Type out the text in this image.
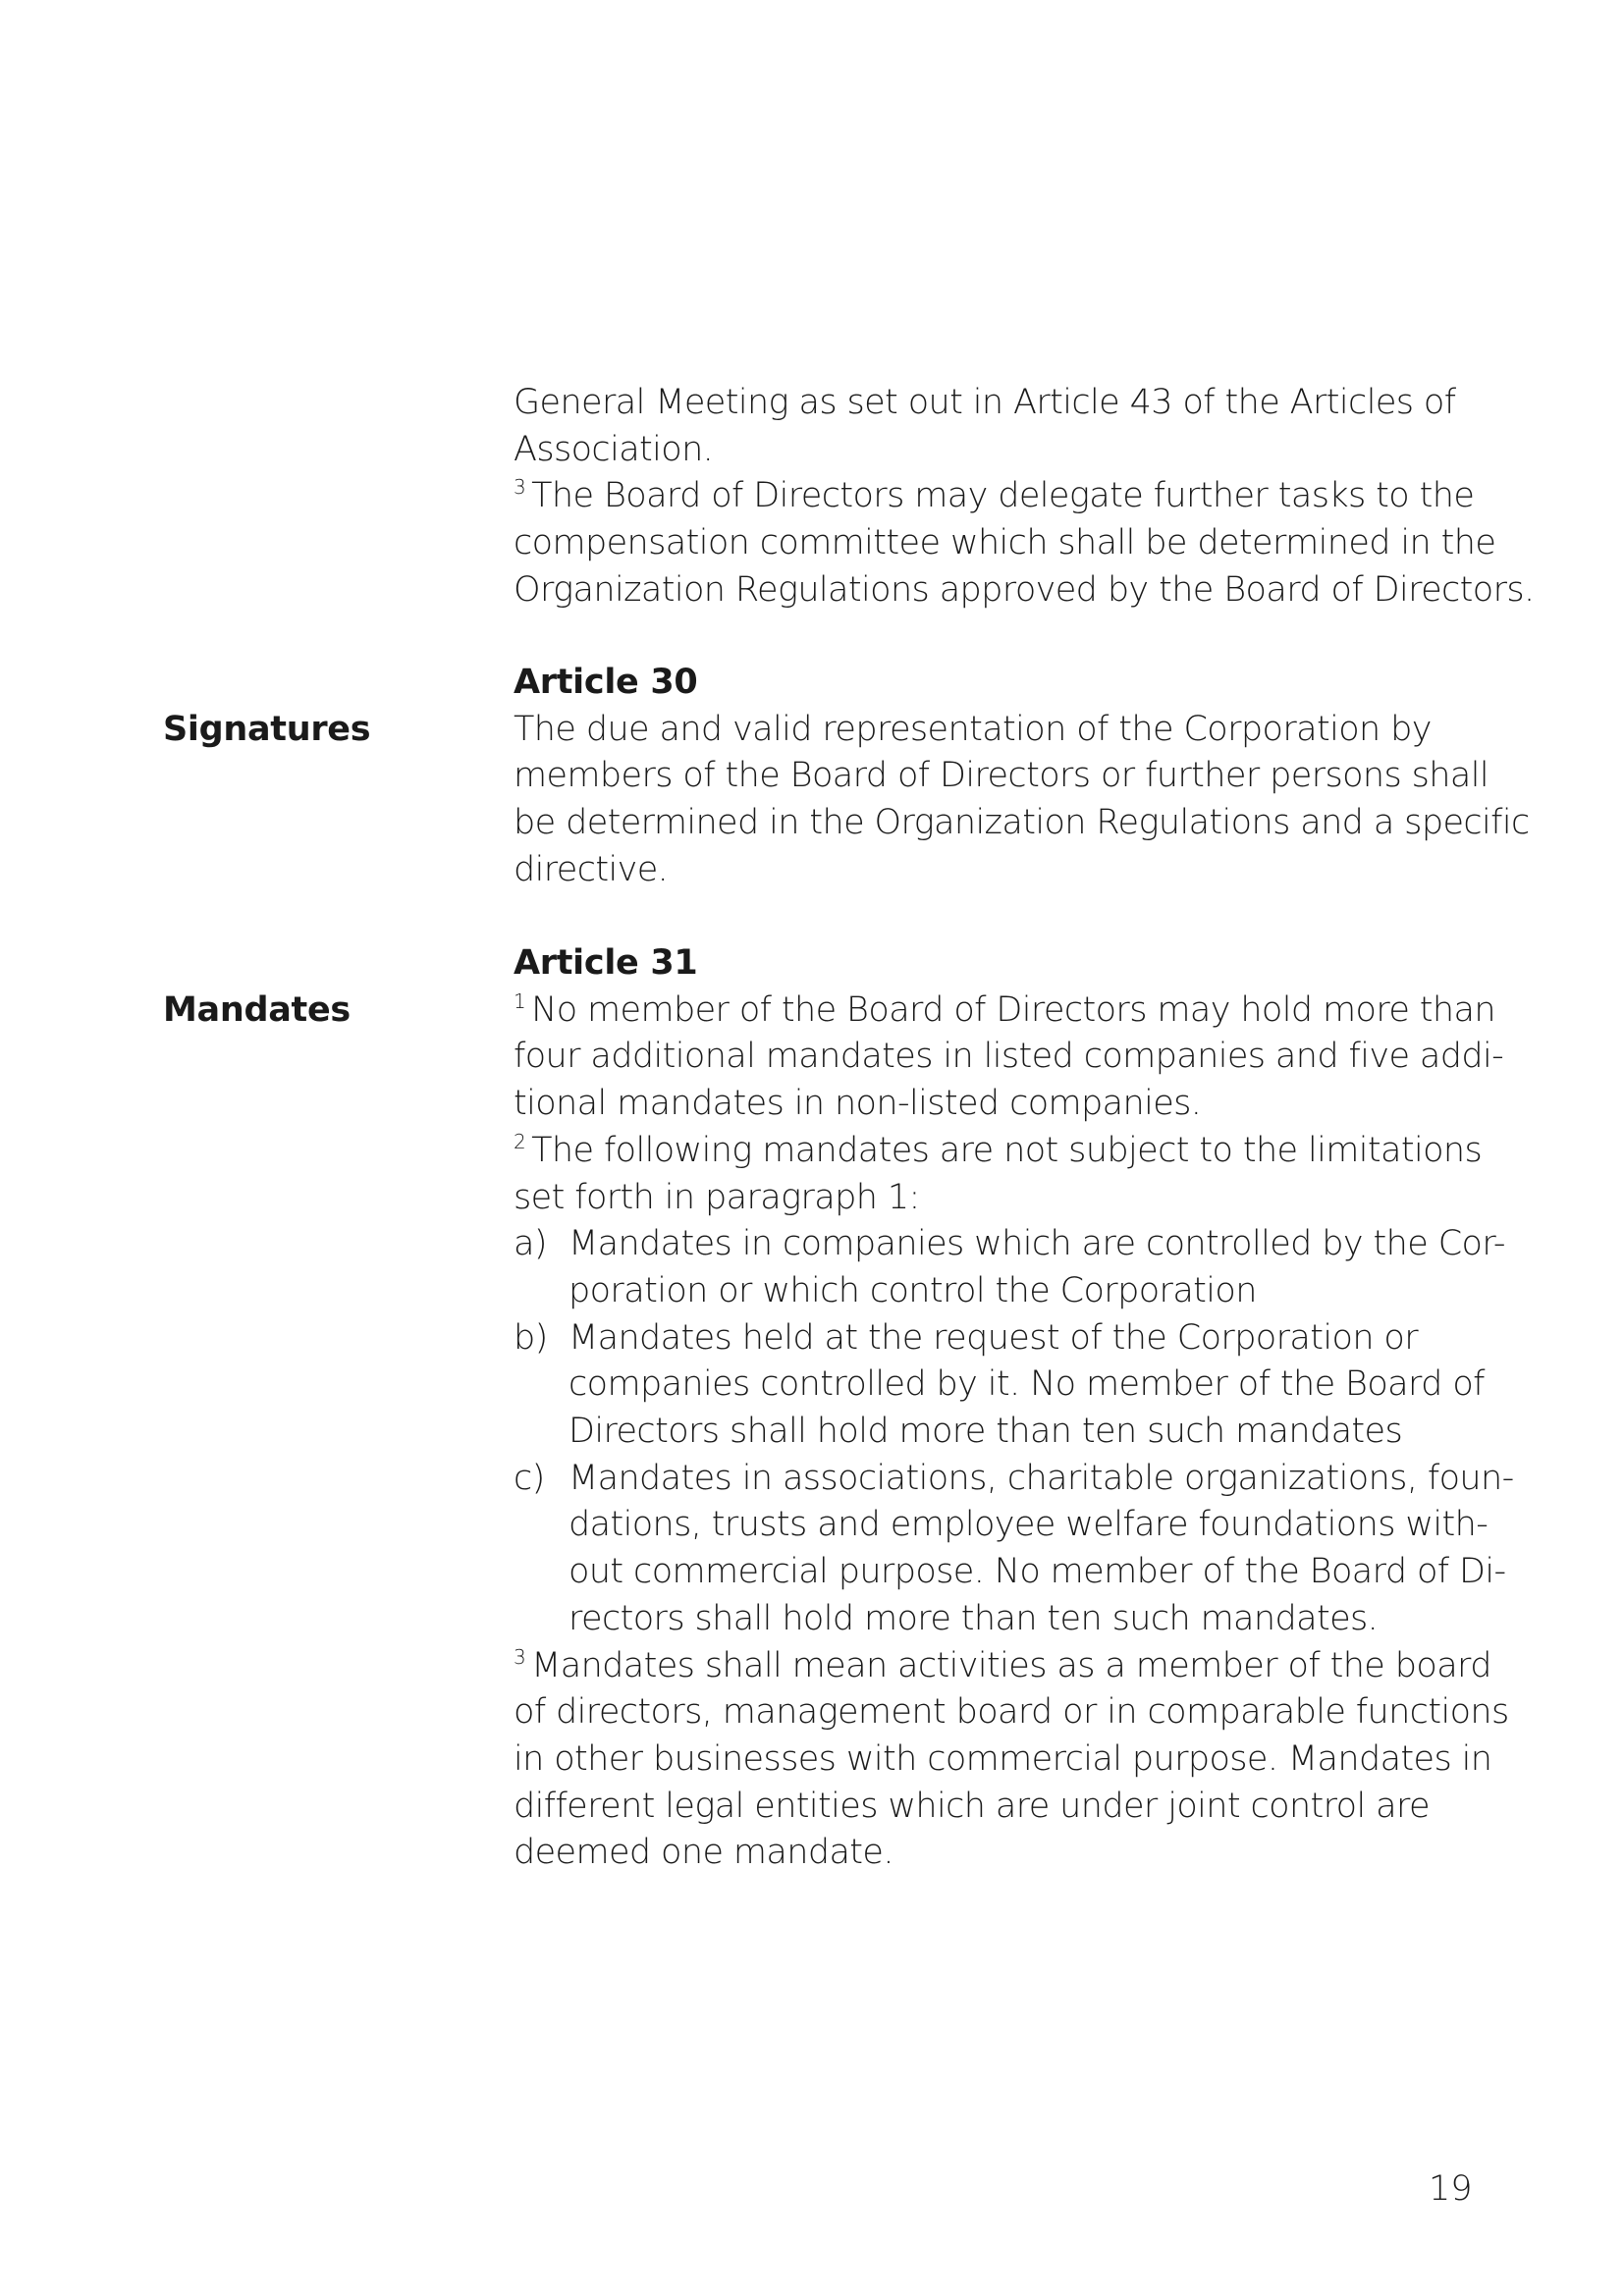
General Meeting as set out in Article 43 of the Articles of
Association.
$^3$ The Board of Directors may delegate further tasks to the
compensation committee which shall be determined in the
Organization Regulations approved by the Board of Directors.
Signatures
Article 30
The due and valid representation of the Corporation by
members of the Board of Directors or further persons shall
be determined in the Organization Regulations and a specific
directive.
Mandates
Article 31
$^1$ No member of the Board of Directors may hold more than
four additional mandates in listed companies and five addi-
tional mandates in non-listed companies.
$^2$ The following mandates are not subject to the limitations
set forth in paragraph 1:
a) Mandates in companies which are controlled by the Cor-
poration or which control the Corporation
b) Mandates held at the request of the Corporation or
companies controlled by it. No member of the Board of
Directors shall hold more than ten such mandates
c) Mandates in associations, charitable organizations, foun-
dations, trusts and employee welfare foundations with-
out commercial purpose. No member of the Board of Di-
rectors shall hold more than ten such mandates.
$^3$ Mandates shall mean activities as a member of the board
of directors, management board or in comparable functions
in other businesses with commercial purpose. Mandates in
different legal entities which are under joint control are
deemed one mandate.
19
